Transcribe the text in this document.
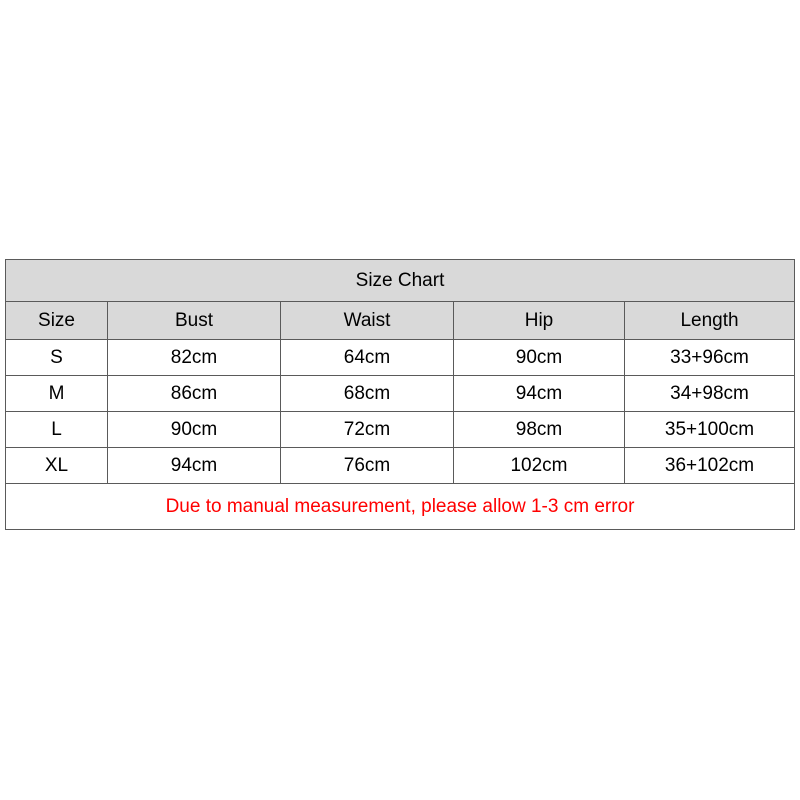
Size Chart				
Size	Bust	Waist	Hip	Length
S	82cm	64cm	90cm	33+96cm
M	86cm	68cm	94cm	34+98cm
L	90cm	72cm	98cm	35+100cm
XL	94cm	76cm	102cm	36+102cm
Due to manual measurement, please allow 1-3 cm error				
